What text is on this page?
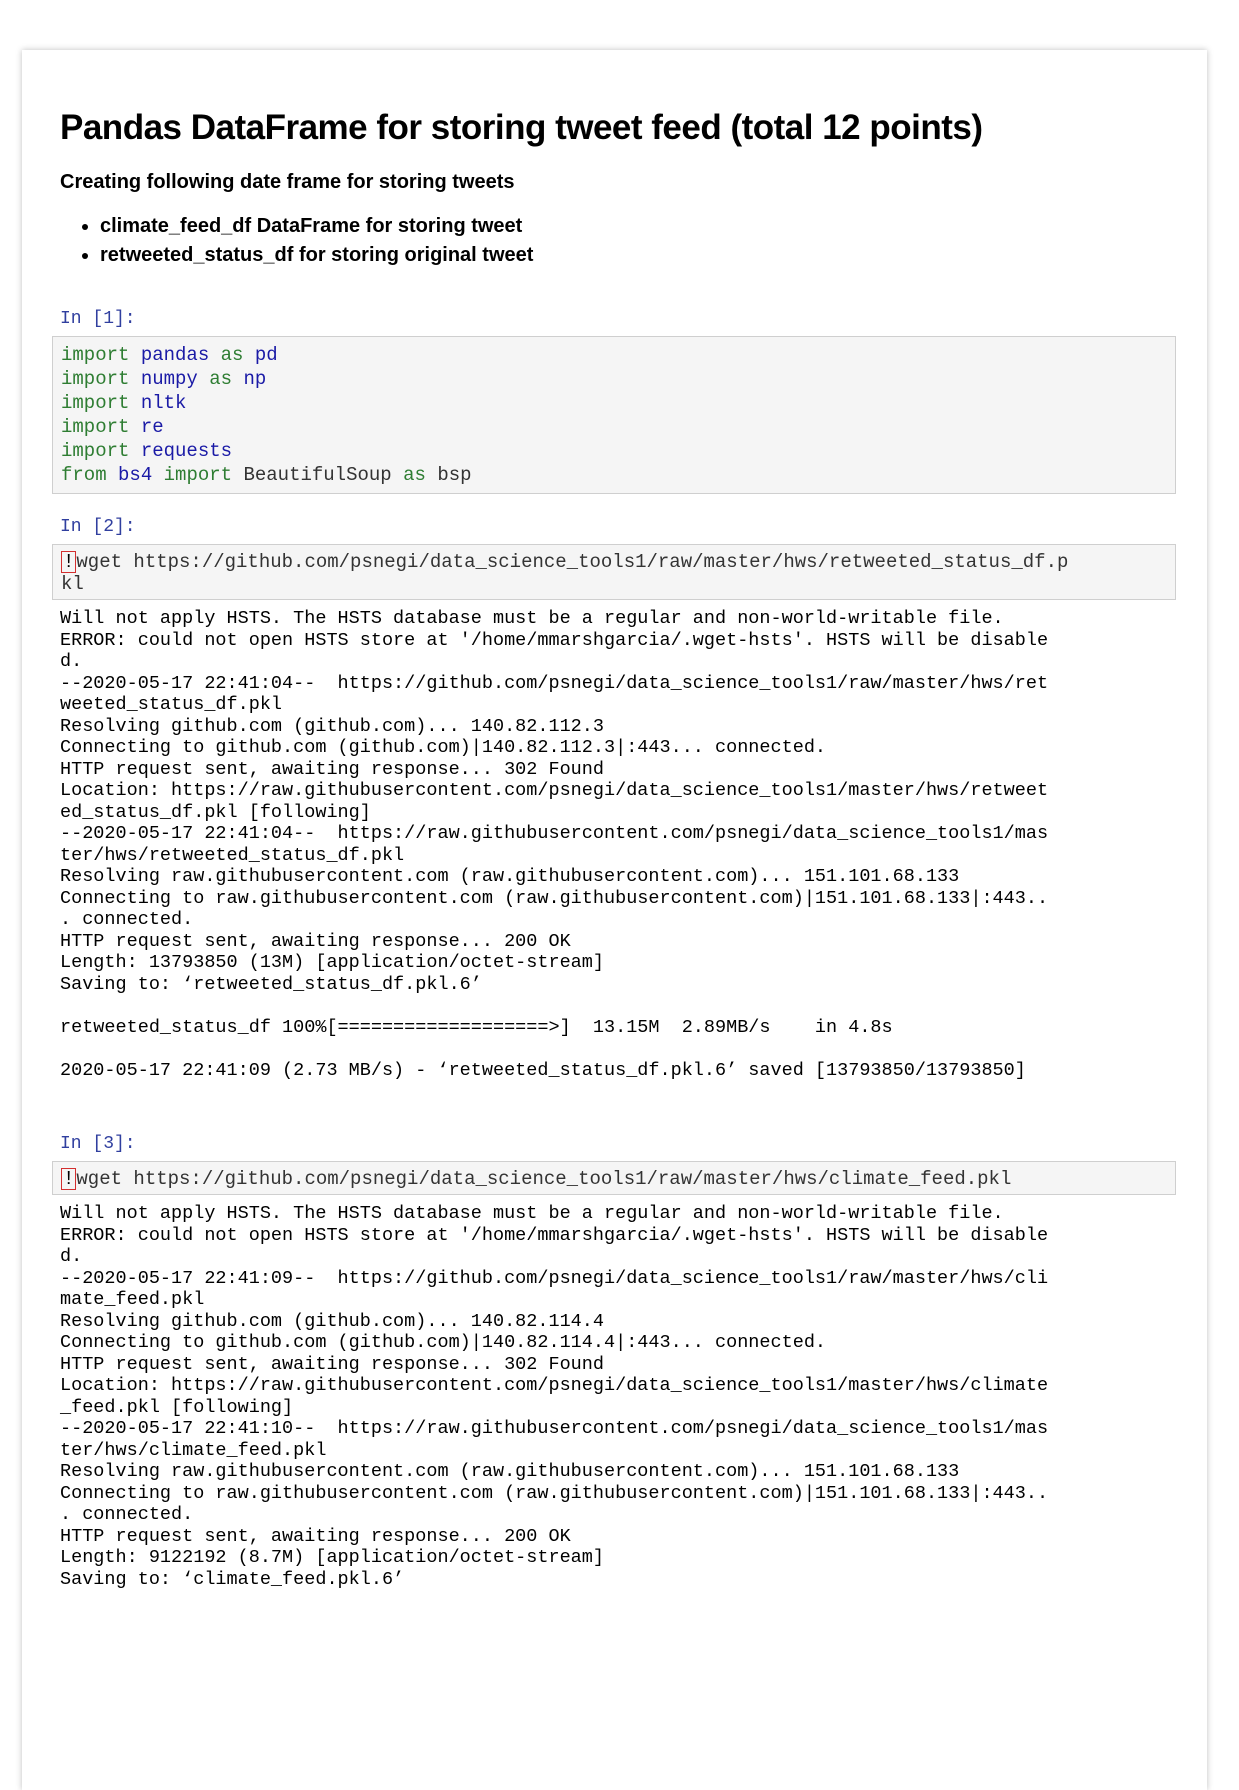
Pandas DataFrame for storing tweet feed (total 12 points)

Creating following date frame for storing tweets

• climate_feed_df DataFrame for storing tweet
• retweeted_status_df for storing original tweet
In [1]:
import pandas as pd
import numpy as np
import nltk
import re
import requests
from bs4 import BeautifulSoup as bsp
In [2]:
! wget https://github.com/psnegi/data_science_tools1/raw/master/hws/retweeted_status_df.p
kl
Will not apply HSTS. The HSTS database must be a regular and non-world-writable file.
ERROR: could not open HSTS store at '/home/mmarshgarcia/.wget-hsts'. HSTS will be disable
d.
--2020-05-17 22:41:04--  https://github.com/psnegi/data_science_tools1/raw/master/hws/ret
weeted_status_df.pkl
Resolving github.com (github.com)... 140.82.112.3
Connecting to github.com (github.com)|140.82.112.3|:443... connected.
HTTP request sent, awaiting response... 302 Found
Location: https://raw.githubusercontent.com/psnegi/data_science_tools1/master/hws/retweet
ed_status_df.pkl [following]
--2020-05-17 22:41:04--  https://raw.githubusercontent.com/psnegi/data_science_tools1/mas
ter/hws/retweeted_status_df.pkl
Resolving raw.githubusercontent.com (raw.githubusercontent.com)... 151.101.68.133
Connecting to raw.githubusercontent.com (raw.githubusercontent.com)|151.101.68.133|:443..
. connected.
HTTP request sent, awaiting response... 200 OK
Length: 13793850 (13M) [application/octet-stream]
Saving to: ‘retweeted_status_df.pkl.6’
retweeted_status_df 100%[===================>]  13.15M  2.89MB/s    in 4.8s
2020-05-17 22:41:09 (2.73 MB/s) - ‘retweeted_status_df.pkl.6’ saved [13793850/13793850]
In [3]:
! wget https://github.com/psnegi/data_science_tools1/raw/master/hws/climate_feed.pkl
Will not apply HSTS. The HSTS database must be a regular and non-world-writable file.
ERROR: could not open HSTS store at '/home/mmarshgarcia/.wget-hsts'. HSTS will be disable
d.
--2020-05-17 22:41:09--  https://github.com/psnegi/data_science_tools1/raw/master/hws/cli
mate_feed.pkl
Resolving github.com (github.com)... 140.82.114.4
Connecting to github.com (github.com)|140.82.114.4|:443... connected.
HTTP request sent, awaiting response... 302 Found
Location: https://raw.githubusercontent.com/psnegi/data_science_tools1/master/hws/climate
_feed.pkl [following]
--2020-05-17 22:41:10--  https://raw.githubusercontent.com/psnegi/data_science_tools1/mas
ter/hws/climate_feed.pkl
Resolving raw.githubusercontent.com (raw.githubusercontent.com)... 151.101.68.133
Connecting to raw.githubusercontent.com (raw.githubusercontent.com)|151.101.68.133|:443..
. connected.
HTTP request sent, awaiting response... 200 OK
Length: 9122192 (8.7M) [application/octet-stream]
Saving to: ‘climate_feed.pkl.6’
